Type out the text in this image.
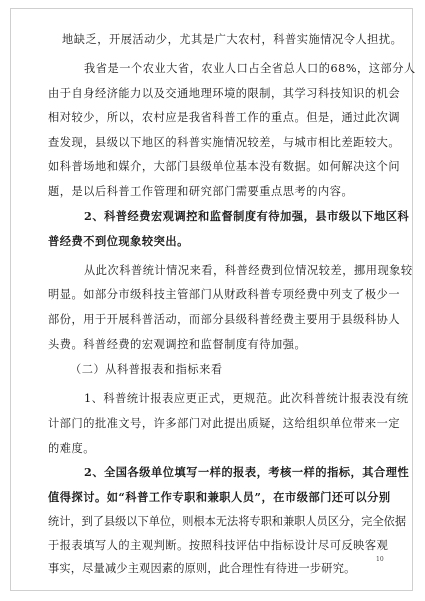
地缺乏，开展活动少，尤其是广大农村，科普实施情况令人担扰。
我省是一个农业大省，农业人口占全省总人口的68%，这部分人
由于自身经济能力以及交通地理环境的限制，其学习科技知识的机会
相对较少，所以，农村应是我省科普工作的重点。但是，通过此次调
查发现，县级以下地区的科普实施情况较差，与城市相比差距较大。
如科普场地和媒介，大部门县级单位基本没有数据。如何解决这个问
题，是以后科普工作管理和研究部门需要重点思考的内容。
2、科普经费宏观调控和监督制度有待加强，县市级以下地区科
普经费不到位现象较突出。
从此次科普统计情况来看，科普经费到位情况较差，挪用现象较
明显。如部分市级科技主管部门从财政科普专项经费中列支了极少一
部份，用于开展科普活动，而部分县级科普经费主要用于县级科协人
头费。科普经费的宏观调控和监督制度有待加强。
（二）从科普报表和指标来看
1、科普统计报表应更正式，更规范。此次科普统计报表没有统
计部门的批准文号，许多部门对此提出质疑，这给组织单位带来一定
的难度。
2、全国各级单位填写一样的报表，考核一样的指标，其合理性
值得探讨。如“科普工作专职和兼职人员”，在市级部门还可以分别
统计，到了县级以下单位，则根本无法将专职和兼职人员区分，完全依据
于报表填写人的主观判断。按照科技评估中指标设计尽可反映客观
事实，尽量减少主观因素的原则，此合理性有待进一步研究。
10
